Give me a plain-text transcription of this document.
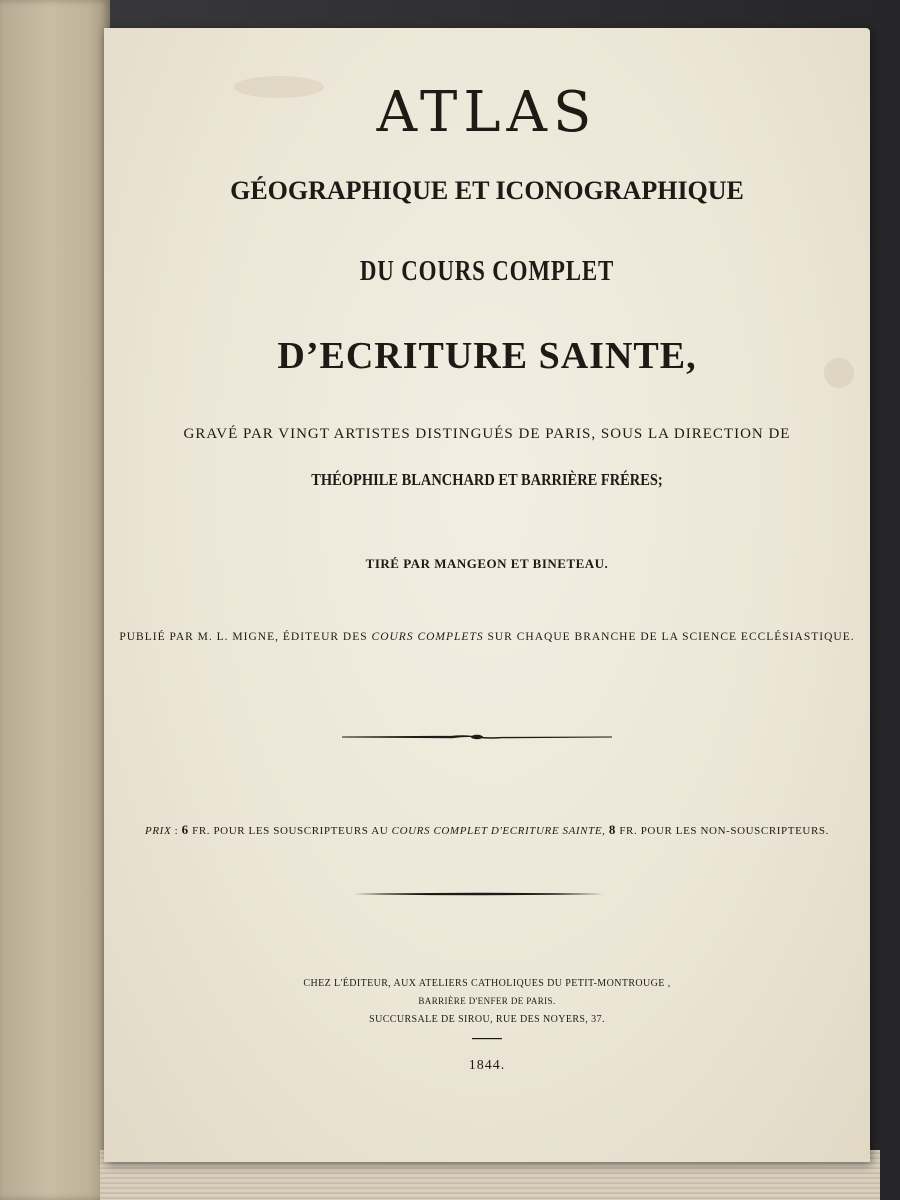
ATLAS
GÉOGRAPHIQUE ET ICONOGRAPHIQUE
DU COURS COMPLET
D’ECRITURE SAINTE,
GRAVÉ PAR VINGT ARTISTES DISTINGUÉS DE PARIS, SOUS LA DIRECTION DE
THÉOPHILE BLANCHARD ET BARRIÈRE FRÉRES;
TIRÉ PAR MANGEON ET BINETEAU.
PUBLIÉ PAR M. L. MIGNE, ÉDITEUR DES COURS COMPLETS SUR CHAQUE BRANCHE DE LA SCIENCE ECCLÉSIASTIQUE.
PRIX : 6 FR. POUR LES SOUSCRIPTEURS AU COURS COMPLET D'ECRITURE SAINTE, 8 FR. POUR LES NON-SOUSCRIPTEURS.
CHEZ L'ÉDITEUR, AUX ATELIERS CATHOLIQUES DU PETIT-MONTROUGE ,
BARRIÈRE D'ENFER DE PARIS.
SUCCURSALE DE SIROU, RUE DES NOYERS, 37.
1844.
